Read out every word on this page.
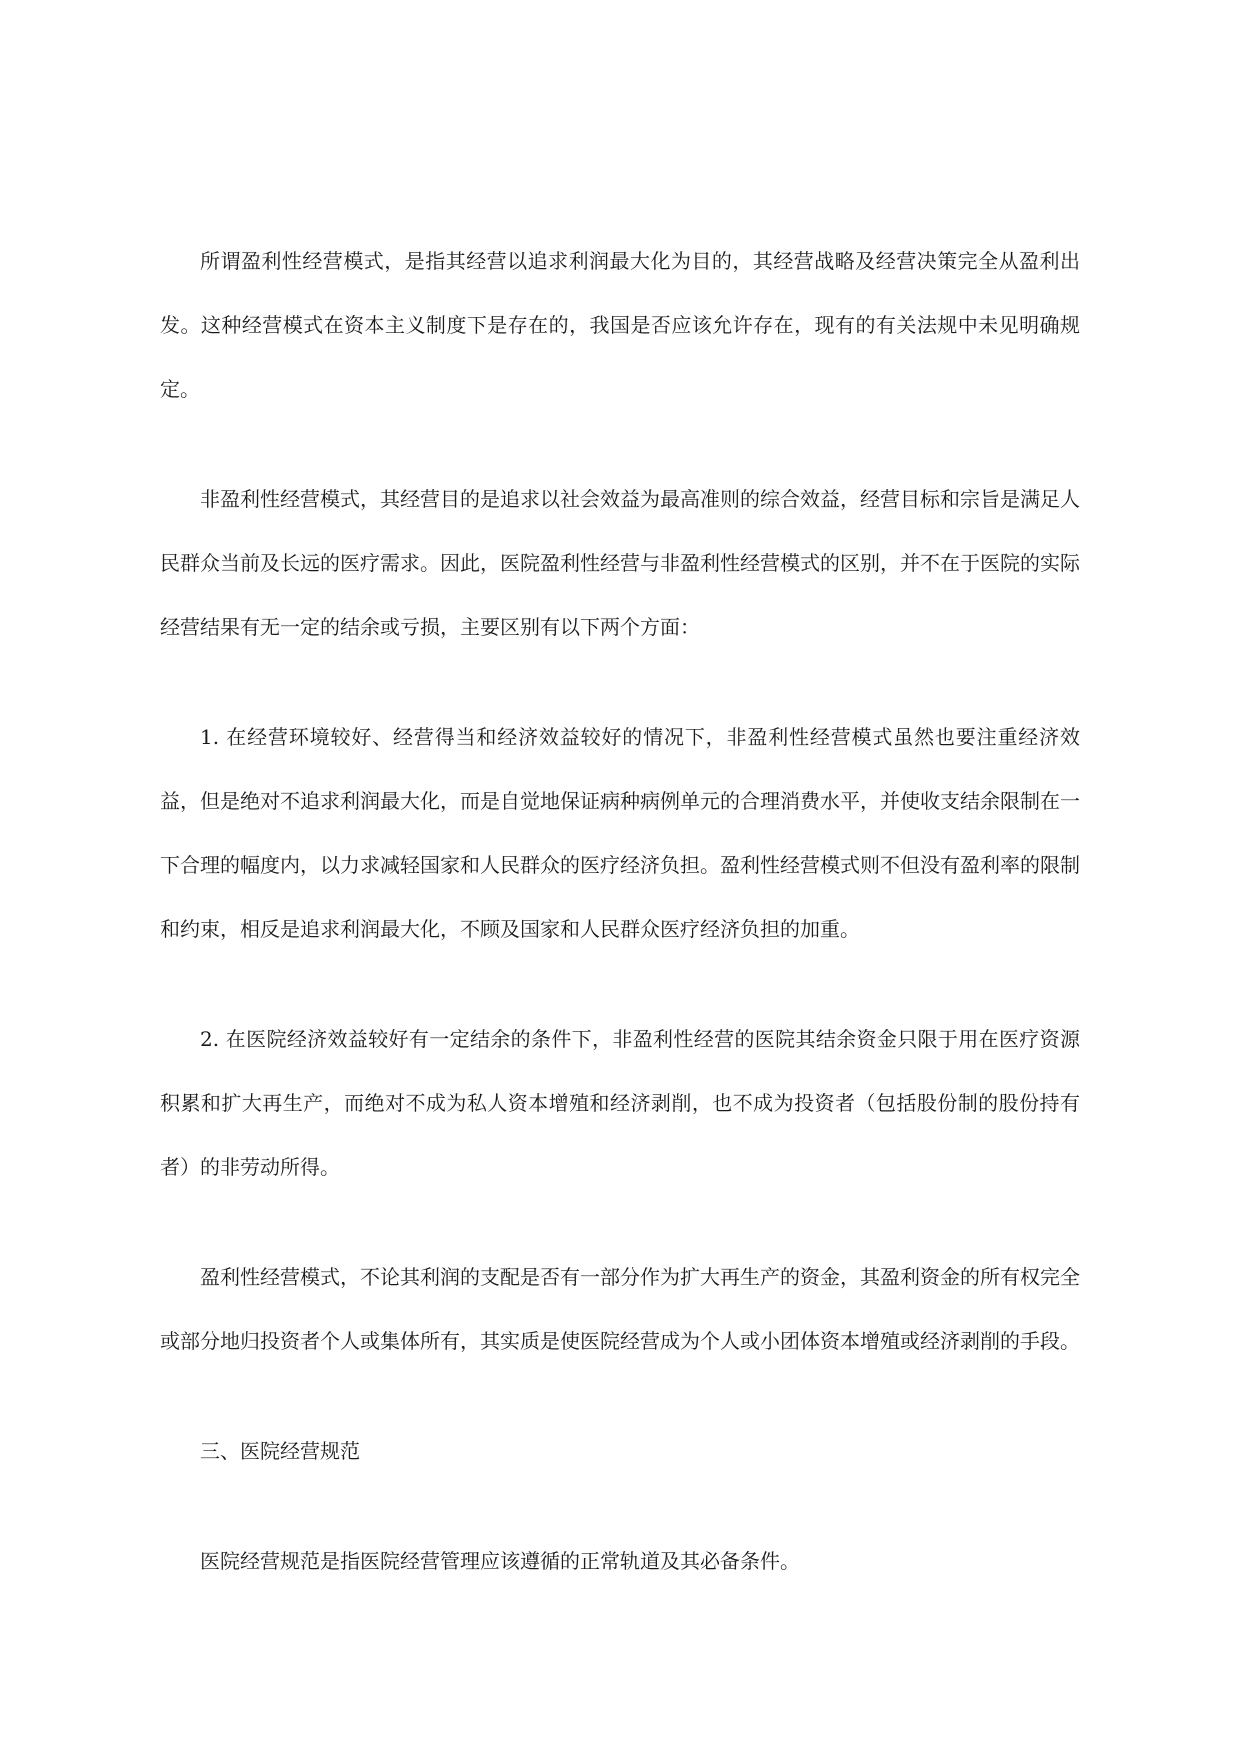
所谓盈利性经营模式，是指其经营以追求利润最大化为目的，其经营战略及经营决策完全从盈利出发。这种经营模式在资本主义制度下是存在的，我国是否应该允许存在，现有的有关法规中未见明确规定。

非盈利性经营模式，其经营目的是追求以社会效益为最高准则的综合效益，经营目标和宗旨是满足人民群众当前及长远的医疗需求。因此，医院盈利性经营与非盈利性经营模式的区别，并不在于医院的实际经营结果有无一定的结余或亏损，主要区别有以下两个方面：

1. 在经营环境较好、经营得当和经济效益较好的情况下，非盈利性经营模式虽然也要注重经济效益，但是绝对不追求利润最大化，而是自觉地保证病种病例单元的合理消费水平，并使收支结余限制在一下合理的幅度内，以力求减轻国家和人民群众的医疗经济负担。盈利性经营模式则不但没有盈利率的限制和约束，相反是追求利润最大化，不顾及国家和人民群众医疗经济负担的加重。

2. 在医院经济效益较好有一定结余的条件下，非盈利性经营的医院其结余资金只限于用在医疗资源积累和扩大再生产，而绝对不成为私人资本增殖和经济剥削，也不成为投资者（包括股份制的股份持有者）的非劳动所得。

盈利性经营模式，不论其利润的支配是否有一部分作为扩大再生产的资金，其盈利资金的所有权完全或部分地归投资者个人或集体所有，其实质是使医院经营成为个人或小团体资本增殖或经济剥削的手段。

三、医院经营规范

医院经营规范是指医院经营管理应该遵循的正常轨道及其必备条件。
